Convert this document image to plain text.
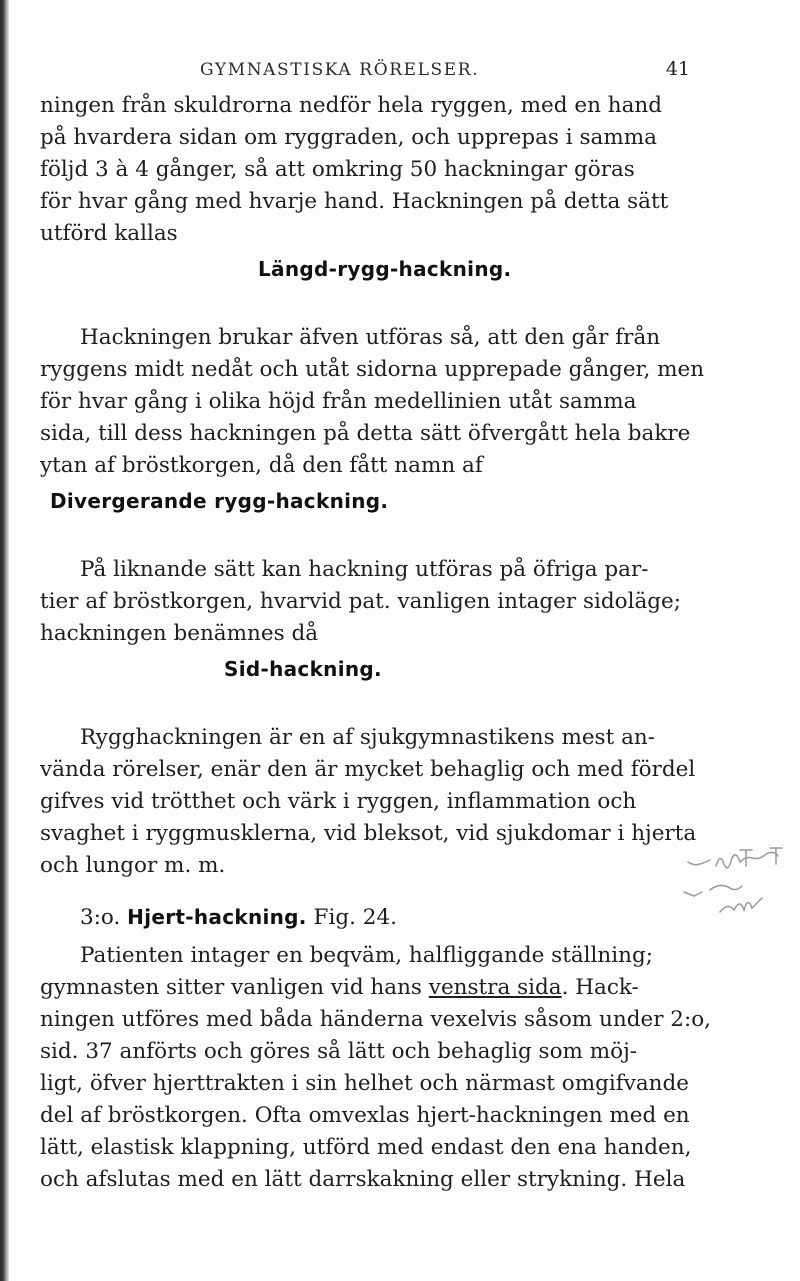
GYMNASTISKA RÖRELSER.	41
ningen från skuldrorna nedför hela ryggen, med en hand
på hvardera sidan om ryggraden, och upprepas i samma
följd 3 à 4 gånger, så att omkring 50 hackningar göras
för hvar gång med hvarje hand. Hackningen på detta sätt
utförd kallas
Längd-rygg-hackning.
Hackningen brukar äfven utföras så, att den går från
ryggens midt nedåt och utåt sidorna upprepade gånger, men
för hvar gång i olika höjd från medellinien utåt samma
sida, till dess hackningen på detta sätt öfvergått hela bakre
ytan af bröstkorgen, då den fått namn af
Divergerande rygg-hackning.
På liknande sätt kan hackning utföras på öfriga par-
tier af bröstkorgen, hvarvid pat. vanligen intager sidoläge;
hackningen benämnes då
Sid-hackning.
Rygghackningen är en af sjukgymnastikens mest an-
vända rörelser, enär den är mycket behaglig och med fördel
gifves vid trötthet och värk i ryggen, inflammation och
svaghet i ryggmusklerna, vid bleksot, vid sjukdomar i hjerta
och lungor m. m.
3:o. Hjert-hackning. Fig. 24.
Patienten intager en beqväm, halfliggande ställning;
gymnasten sitter vanligen vid hans venstra sida. Hack-
ningen utföres med båda händerna vexelvis såsom under 2:o,
sid. 37 anförts och göres så lätt och behaglig som möj-
ligt, öfver hjerttrakten i sin helhet och närmast omgifvande
del af bröstkorgen. Ofta omvexlas hjert-hackningen med en
lätt, elastisk klappning, utförd med endast den ena handen,
och afslutas med en lätt darrskakning eller strykning. Hela
